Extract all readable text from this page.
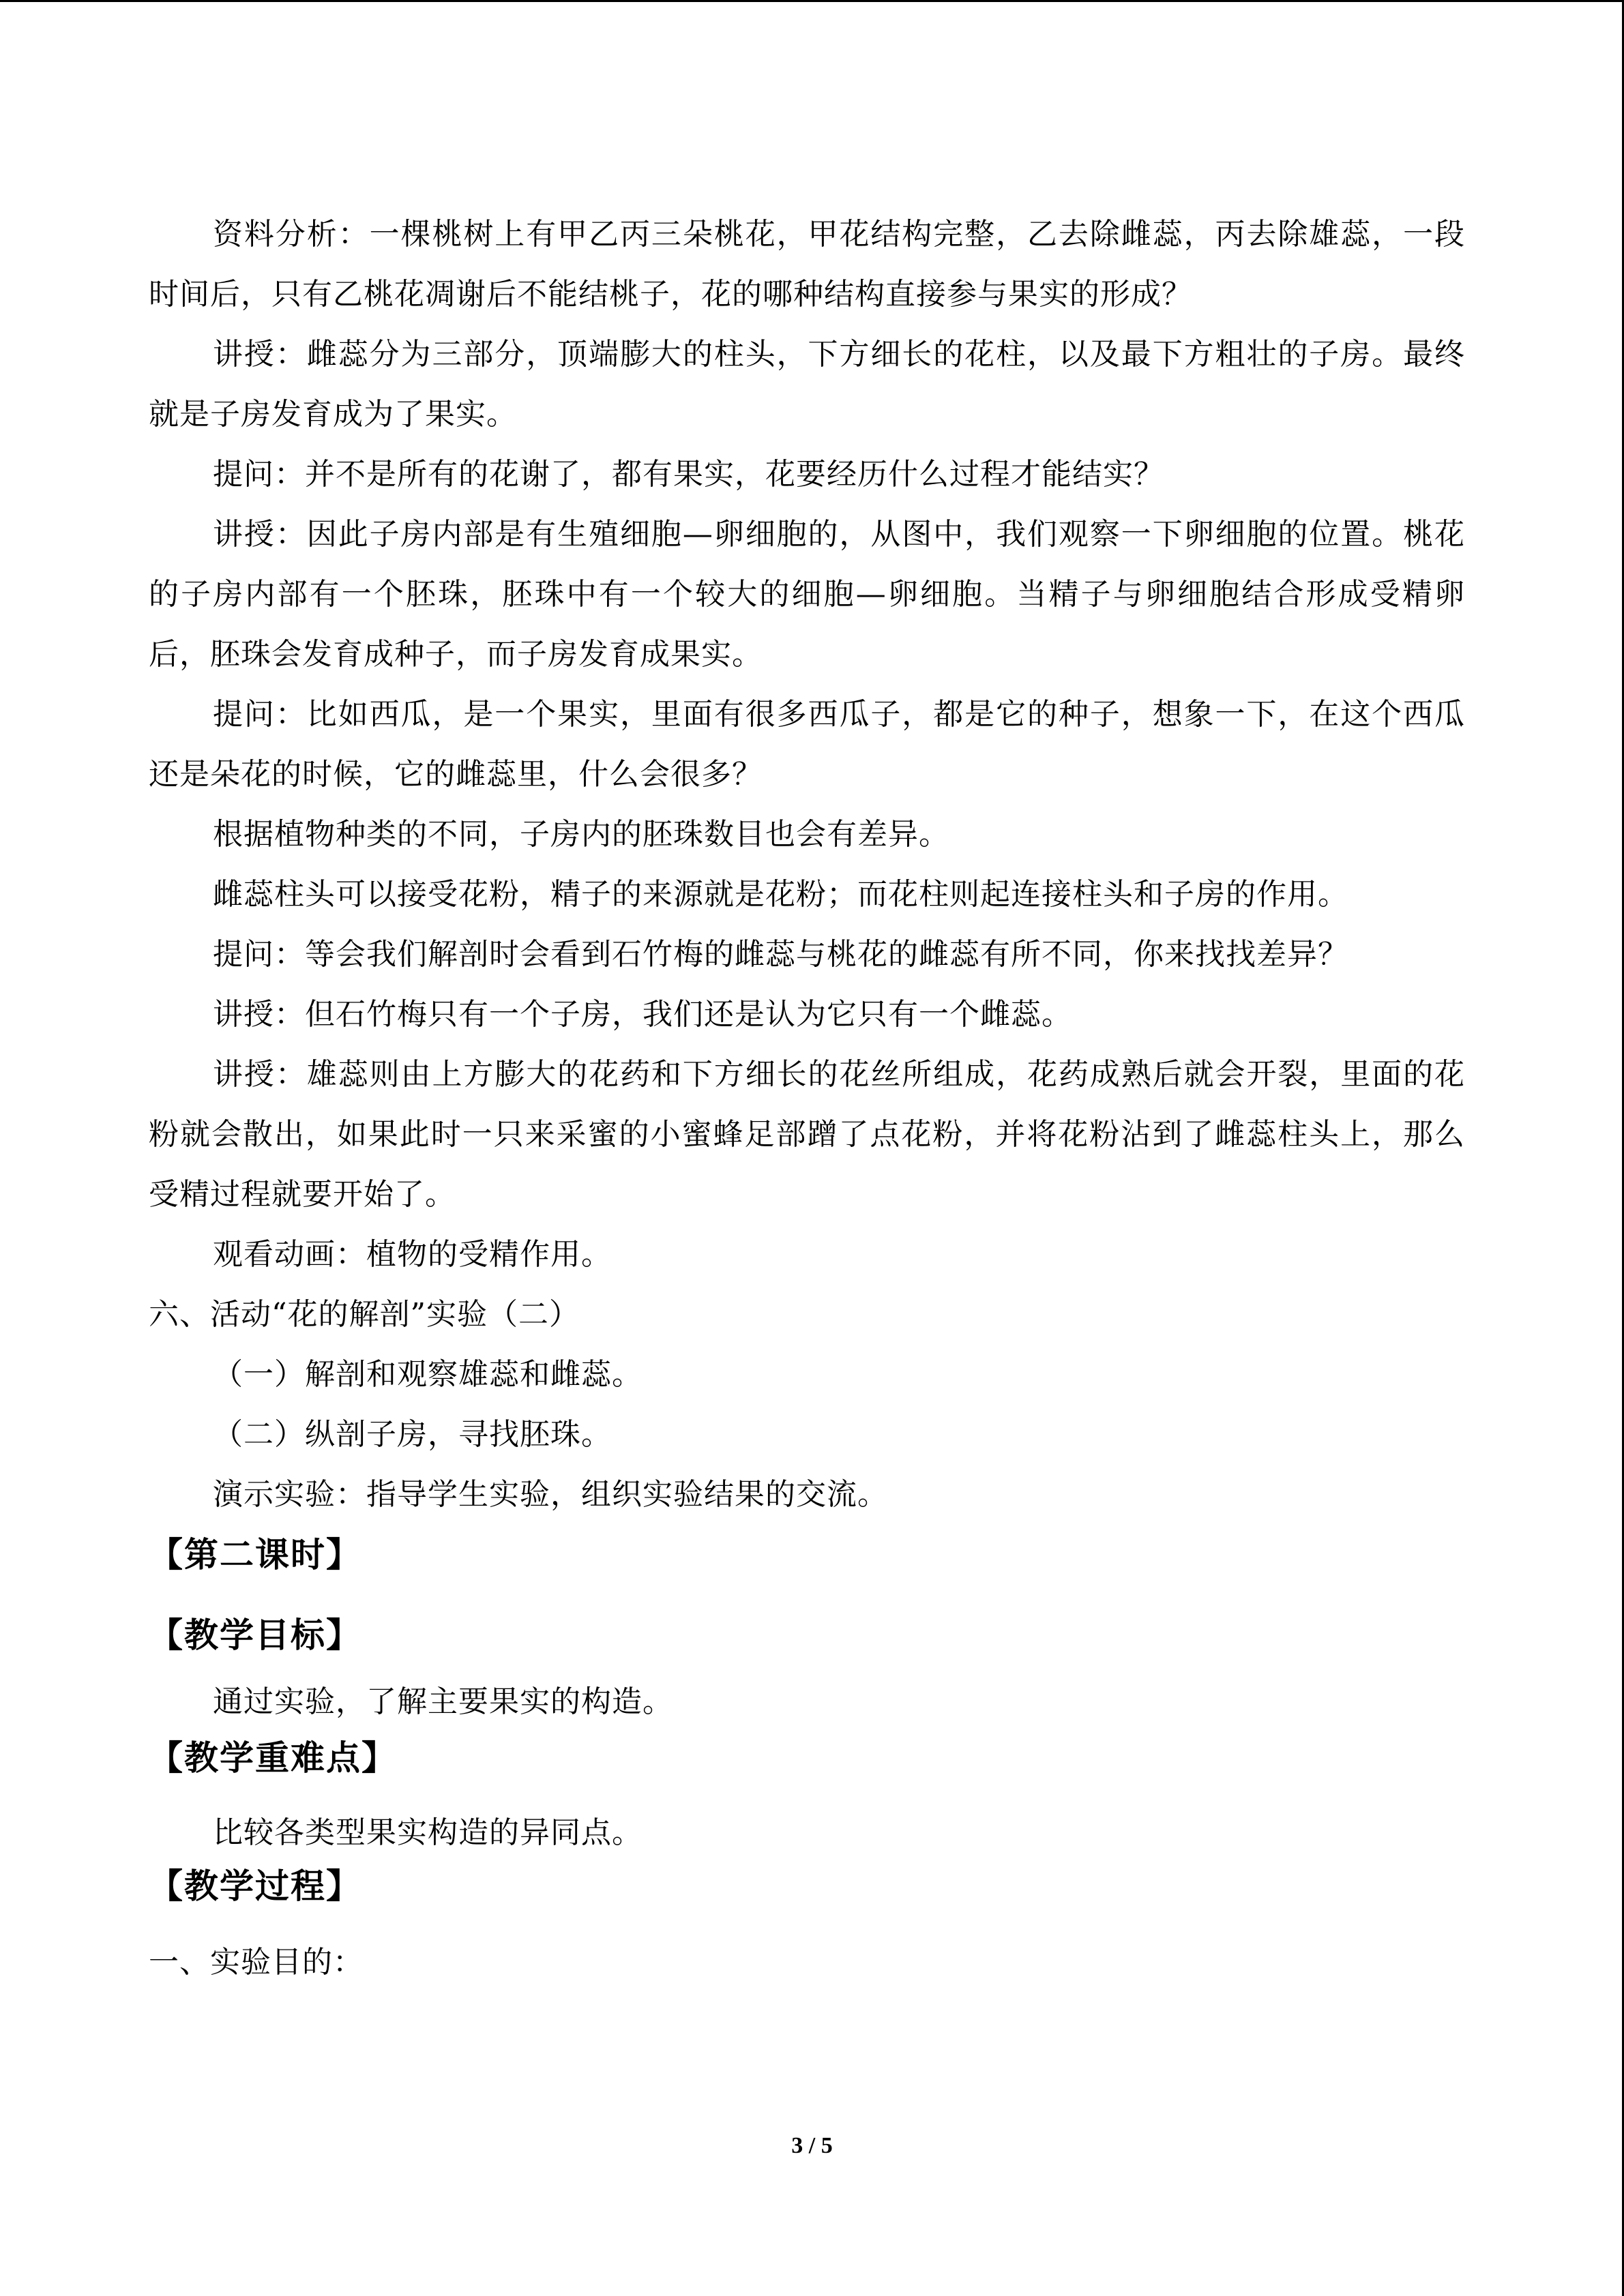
资料分析：一棵桃树上有甲乙丙三朵桃花，甲花结构完整，乙去除雌蕊，丙去除雄蕊，一段时间后，只有乙桃花凋谢后不能结桃子，花的哪种结构直接参与果实的形成？

讲授：雌蕊分为三部分，顶端膨大的柱头，下方细长的花柱，以及最下方粗壮的子房。最终就是子房发育成为了果实。

提问：并不是所有的花谢了，都有果实，花要经历什么过程才能结实？

讲授：因此子房内部是有生殖细胞—卵细胞的，从图中，我们观察一下卵细胞的位置。桃花的子房内部有一个胚珠，胚珠中有一个较大的细胞—卵细胞。当精子与卵细胞结合形成受精卵后，胚珠会发育成种子，而子房发育成果实。

提问：比如西瓜，是一个果实，里面有很多西瓜子，都是它的种子，想象一下，在这个西瓜还是朵花的时候，它的雌蕊里，什么会很多？

根据植物种类的不同，子房内的胚珠数目也会有差异。

雌蕊柱头可以接受花粉，精子的来源就是花粉；而花柱则起连接柱头和子房的作用。

提问：等会我们解剖时会看到石竹梅的雌蕊与桃花的雌蕊有所不同，你来找找差异？

讲授：但石竹梅只有一个子房，我们还是认为它只有一个雌蕊。

讲授：雄蕊则由上方膨大的花药和下方细长的花丝所组成，花药成熟后就会开裂，里面的花粉就会散出，如果此时一只来采蜜的小蜜蜂足部蹭了点花粉，并将花粉沾到了雌蕊柱头上，那么受精过程就要开始了。

观看动画：植物的受精作用。

六、活动“花的解剖”实验（二）

（一）解剖和观察雄蕊和雌蕊。

（二）纵剖子房，寻找胚珠。

演示实验：指导学生实验，组织实验结果的交流。

【第二课时】
【教学目标】

通过实验，了解主要果实的构造。

【教学重难点】

比较各类型果实构造的异同点。

【教学过程】

一、实验目的：

3 / 5
